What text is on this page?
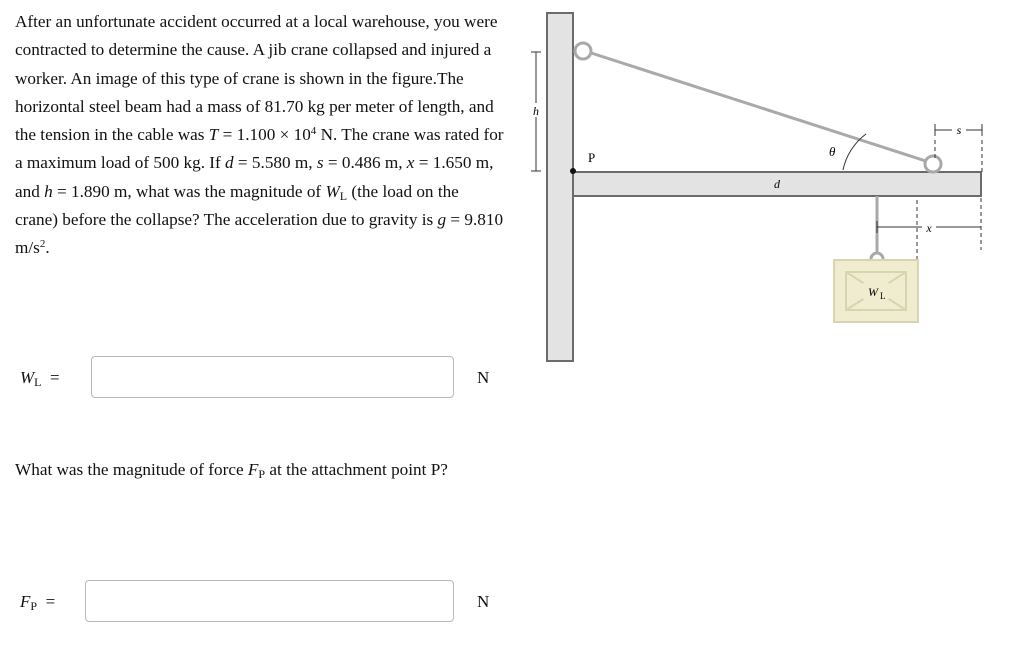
After an unfortunate accident occurred at a local warehouse, you were contracted to determine the cause. A jib crane collapsed and injured a worker. An image of this type of crane is shown in the figure.The horizontal steel beam had a mass of 81.70 kg per meter of length, and the tension in the cable was $T = 1.100 \times 10^4$ N. The crane was rated for a maximum load of 500 kg. If d = 5.580 m, s = 0.486 m, x = 1.650 m, and h = 1.890 m, what was the magnitude of WL (the load on the crane) before the collapse? The acceleration due to gravity is g = 9.810 $m/s^2$.

WL =	N

What was the magnitude of force FP at the attachment point P?

FP =	N
h
P
d
θ
s
x
W L
